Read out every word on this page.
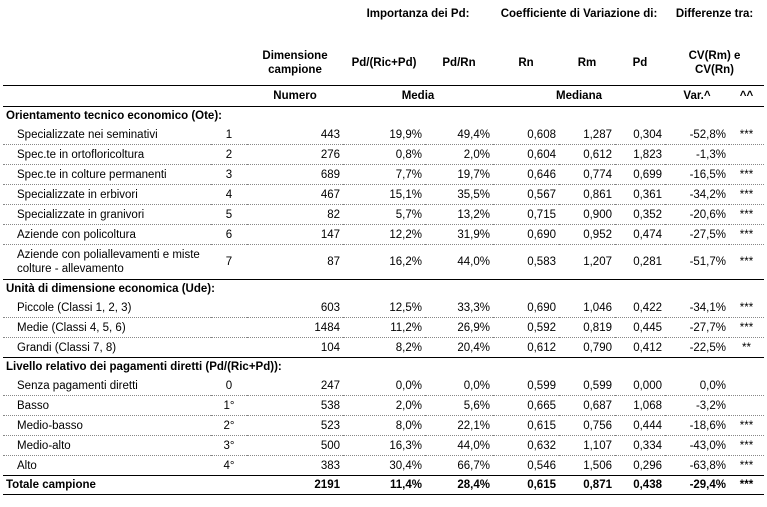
			Importanza dei Pd:		Coefficiente di Variazione di:			Differenze tra:	
		Dimensione campione	Pd/(Ric+Pd)	Pd/Rn	Rn	Rm	Pd	CV(Rm) e CV(Rn)	
		Numero	Media		Mediana			Var.^	^^
Orientamento tecnico economico (Ote):									
Specializzate nei seminativi	1	443	19,9%	49,4%	0,608	1,287	0,304	-52,8%	***
Spec.te in ortofloricoltura	2	276	0,8%	2,0%	0,604	0,612	1,823	-1,3%	
Spec.te in colture permanenti	3	689	7,7%	19,7%	0,646	0,774	0,699	-16,5%	***
Specializzate in erbivori	4	467	15,1%	35,5%	0,567	0,861	0,361	-34,2%	***
Specializzate in granivori	5	82	5,7%	13,2%	0,715	0,900	0,352	-20,6%	***
Aziende con policoltura	6	147	12,2%	31,9%	0,690	0,952	0,474	-27,5%	***
Aziende con poliallevamenti e miste colture - allevamento	7	87	16,2%	44,0%	0,583	1,207	0,281	-51,7%	***
Unità di dimensione economica (Ude):									
Piccole (Classi 1, 2, 3)		603	12,5%	33,3%	0,690	1,046	0,422	-34,1%	***
Medie (Classi 4, 5, 6)		1484	11,2%	26,9%	0,592	0,819	0,445	-27,7%	***
Grandi (Classi 7, 8)		104	8,2%	20,4%	0,612	0,790	0,412	-22,5%	**
Livello relativo dei pagamenti diretti (Pd/(Ric+Pd)):									
Senza pagamenti diretti	0	247	0,0%	0,0%	0,599	0,599	0,000	0,0%	
Basso	1°	538	2,0%	5,6%	0,665	0,687	1,068	-3,2%	
Medio-basso	2°	523	8,0%	22,1%	0,615	0,756	0,444	-18,6%	***
Medio-alto	3°	500	16,3%	44,0%	0,632	1,107	0,334	-43,0%	***
Alto	4°	383	30,4%	66,7%	0,546	1,506	0,296	-63,8%	***
Totale campione		2191	11,4%	28,4%	0,615	0,871	0,438	-29,4%	***
